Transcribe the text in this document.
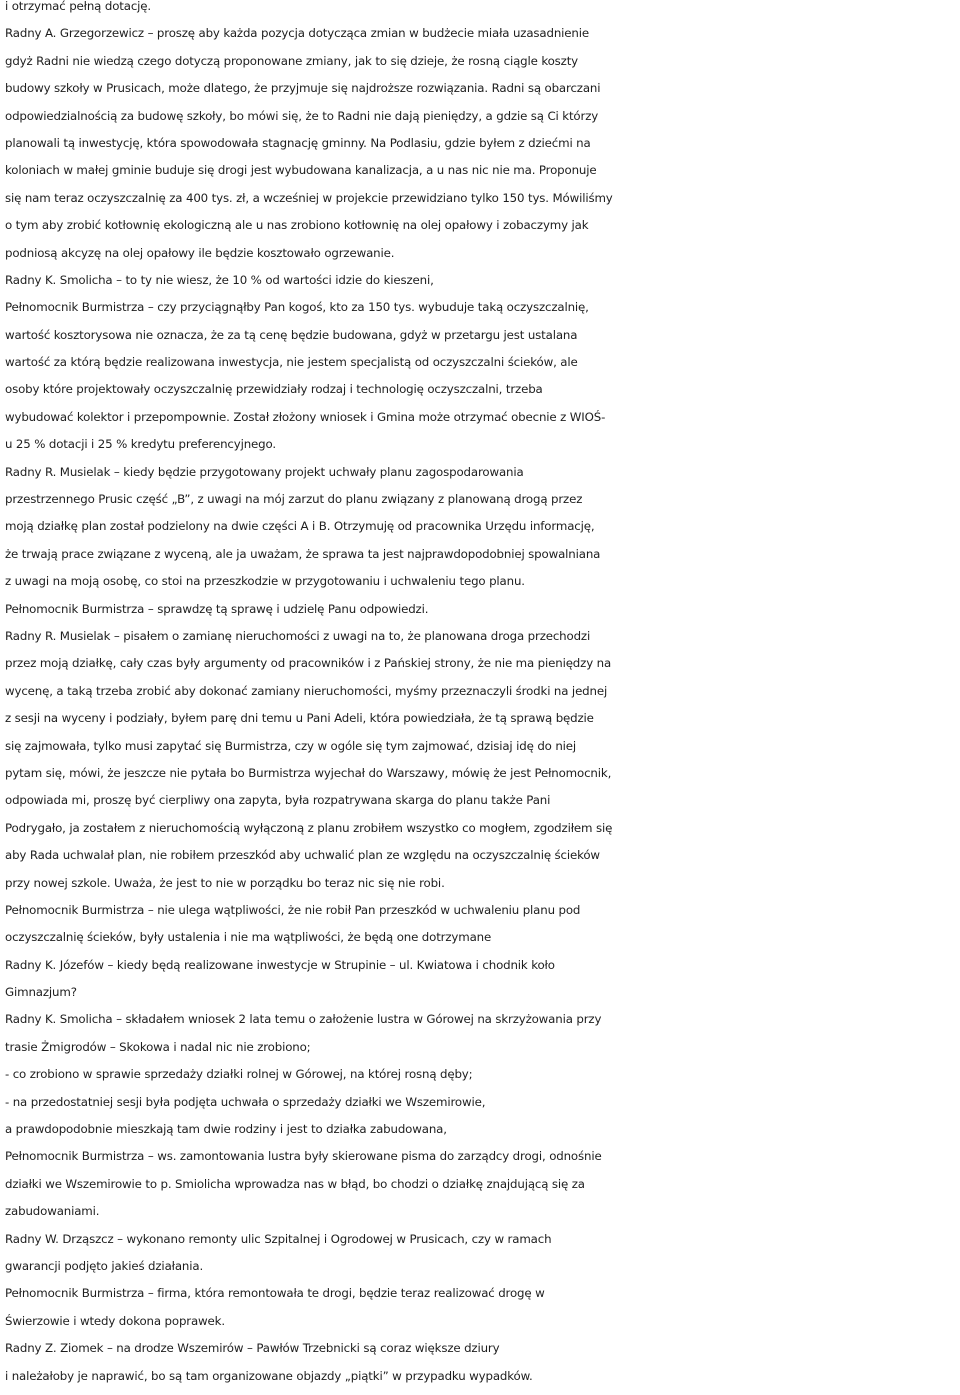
i otrzymać pełną dotację.
Radny A. Grzegorzewicz – proszę aby każda pozycja dotycząca zmian w budżecie miała uzasadnienie
gdyż Radni nie wiedzą czego dotyczą proponowane zmiany, jak to się dzieje, że rosną ciągle koszty
budowy szkoły w Prusicach, może dlatego, że przyjmuje się najdroższe rozwiązania. Radni są obarczani
odpowiedzialnością za budowę szkoły, bo mówi się, że to Radni nie dają pieniędzy, a gdzie są Ci którzy
planowali tą inwestycję, która spowodowała stagnację gminny. Na Podlasiu, gdzie byłem z dziećmi na
koloniach w małej gminie buduje się drogi jest wybudowana kanalizacja, a u nas nic nie ma. Proponuje
się nam teraz oczyszczalnię za 400 tys. zł, a wcześniej w projekcie przewidziano tylko 150 tys. Mówiliśmy
o tym aby zrobić kotłownię ekologiczną ale u nas zrobiono kotłownię na olej opałowy i zobaczymy jak
podniosą akcyzę na olej opałowy ile będzie kosztowało ogrzewanie.
Radny K. Smolicha – to ty nie wiesz, że 10 % od wartości idzie do kieszeni,
Pełnomocnik Burmistrza – czy przyciągnąłby Pan kogoś, kto za 150 tys. wybuduje taką oczyszczalnię,
wartość kosztorysowa nie oznacza, że za tą cenę będzie budowana, gdyż w przetargu jest ustalana
wartość za którą będzie realizowana inwestycja, nie jestem specjalistą od oczyszczalni ścieków, ale
osoby które projektowały oczyszczalnię przewidziały rodzaj i technologię oczyszczalni, trzeba
wybudować kolektor i przepompownie. Został złożony wniosek i Gmina może otrzymać obecnie z WIOŚ-
u 25 % dotacji i 25 % kredytu preferencyjnego.
Radny R. Musielak – kiedy będzie przygotowany projekt uchwały planu zagospodarowania
przestrzennego Prusic część „B”, z uwagi na mój zarzut do planu związany z planowaną drogą przez
moją działkę plan został podzielony na dwie części A i B. Otrzymuję od pracownika Urzędu informację,
że trwają prace związane z wyceną, ale ja uważam, że sprawa ta jest najprawdopodobniej spowalniana
z uwagi na moją osobę, co stoi na przeszkodzie w przygotowaniu i uchwaleniu tego planu.
Pełnomocnik Burmistrza – sprawdzę tą sprawę i udzielę Panu odpowiedzi.
Radny R. Musielak – pisałem o zamianę nieruchomości z uwagi na to, że planowana droga przechodzi
przez moją działkę, cały czas były argumenty od pracowników i z Pańskiej strony, że nie ma pieniędzy na
wycenę, a taką trzeba zrobić aby dokonać zamiany nieruchomości, myśmy przeznaczyli środki na jednej
z sesji na wyceny i podziały, byłem parę dni temu u Pani Adeli, która powiedziała, że tą sprawą będzie
się zajmowała, tylko musi zapytać się Burmistrza, czy w ogóle się tym zajmować, dzisiaj idę do niej
pytam się, mówi, że jeszcze nie pytała bo Burmistrza wyjechał do Warszawy, mówię że jest Pełnomocnik,
odpowiada mi, proszę być cierpliwy ona zapyta, była rozpatrywana skarga do planu także Pani
Podrygało, ja zostałem z nieruchomością wyłączoną z planu zrobiłem wszystko co mogłem, zgodziłem się
aby Rada uchwalał plan, nie robiłem przeszkód aby uchwalić plan ze względu na oczyszczalnię ścieków
przy nowej szkole. Uważa, że jest to nie w porządku bo teraz nic się nie robi.
Pełnomocnik Burmistrza – nie ulega wątpliwości, że nie robił Pan przeszkód w uchwaleniu planu pod
oczyszczalnię ścieków, były ustalenia i nie ma wątpliwości, że będą one dotrzymane
Radny K. Józefów – kiedy będą realizowane inwestycje w Strupinie – ul. Kwiatowa i chodnik koło
Gimnazjum?
Radny K. Smolicha – składałem wniosek 2 lata temu o założenie lustra w Górowej na skrzyżowania przy
trasie Żmigrodów – Skokowa i nadal nic nie zrobiono;
- co zrobiono w sprawie sprzedaży działki rolnej w Górowej, na której rosną dęby;
- na przedostatniej sesji była podjęta uchwała o sprzedaży działki we Wszemirowie,
a prawdopodobnie mieszkają tam dwie rodziny i jest to działka zabudowana,
Pełnomocnik Burmistrza – ws. zamontowania lustra były skierowane pisma do zarządcy drogi, odnośnie
działki we Wszemirowie to p. Smiolicha wprowadza nas w błąd, bo chodzi o działkę znajdującą się za
zabudowaniami.
Radny W. Drząszcz – wykonano remonty ulic Szpitalnej i Ogrodowej w Prusicach, czy w ramach
gwarancji podjęto jakieś działania.
Pełnomocnik Burmistrza – firma, która remontowała te drogi, będzie teraz realizować drogę w
Świerzowie i wtedy dokona poprawek.
Radny Z. Ziomek – na drodze Wszemirów – Pawłów Trzebnicki są coraz większe dziury
i należałoby je naprawić, bo są tam organizowane objazdy „piątki” w przypadku wypadków.
